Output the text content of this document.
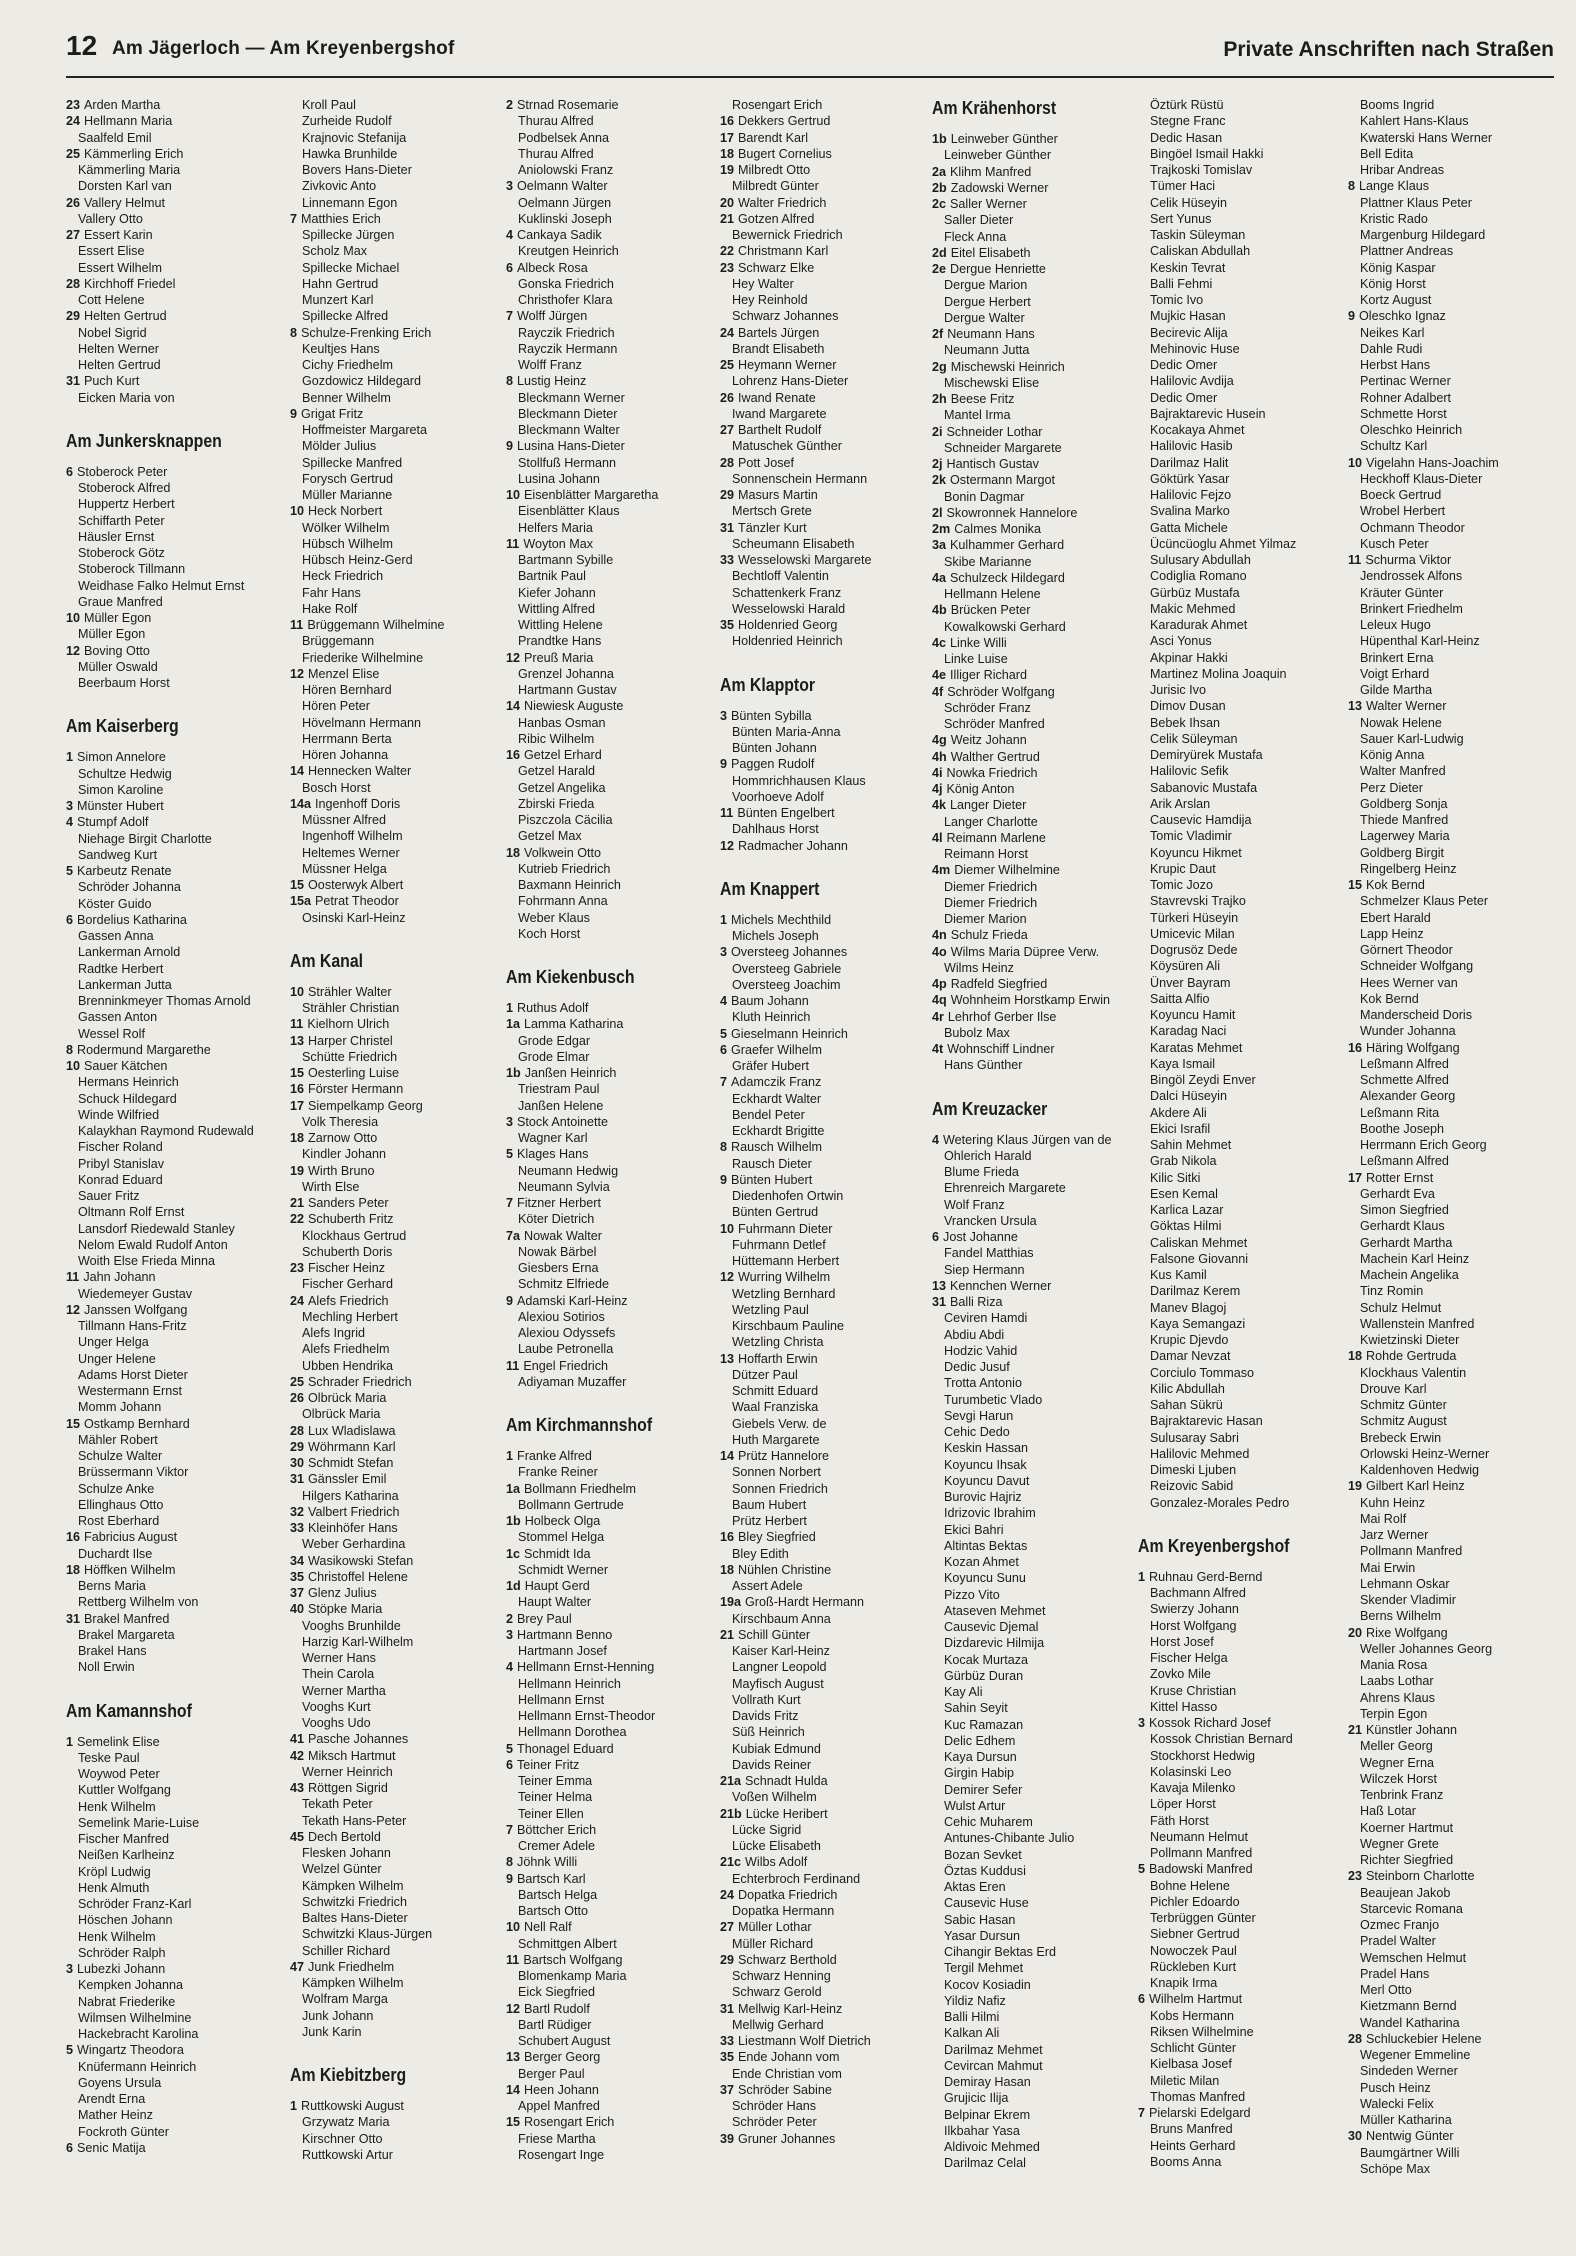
12 Am Jägerloch — Am Kreyenbergshof	Private Anschriften nach Straßen
23 Arden Martha
24 Hellmann Maria
Saalfeld Emil
25 Kämmerling Erich
Kämmerling Maria
Dorsten Karl van
26 Vallery Helmut
Vallery Otto
27 Essert Karin
Essert Elise
Essert Wilhelm
28 Kirchhoff Friedel
Cott Helene
29 Helten Gertrud
Nobel Sigrid
Helten Werner
Helten Gertrud
31 Puch Kurt
Eicken Maria von
Am Junkersknappen
6 Stoberock Peter
Stoberock Alfred
Huppertz Herbert
Schiffarth Peter
Häusler Ernst
Stoberock Götz
Stoberock Tillmann
Weidhase Falko Helmut Ernst
Graue Manfred
10 Müller Egon
Müller Egon
12 Boving Otto
Müller Oswald
Beerbaum Horst
Am Kaiserberg
1 Simon Annelore
Schultze Hedwig
Simon Karoline
3 Münster Hubert
4 Stumpf Adolf
Niehage Birgit Charlotte
Sandweg Kurt
5 Karbeutz Renate
Schröder Johanna
Köster Guido
6 Bordelius Katharina
Gassen Anna
Lankerman Arnold
Radtke Herbert
Lankerman Jutta
Brenninkmeyer Thomas Arnold
Gassen Anton
Wessel Rolf
8 Rodermund Margarethe
10 Sauer Kätchen
Hermans Heinrich
Schuck Hildegard
Winde Wilfried
Kalaykhan Raymond Rudewald
Fischer Roland
Pribyl Stanislav
Konrad Eduard
Sauer Fritz
Oltmann Rolf Ernst
Lansdorf Riedewald Stanley
Nelom Ewald Rudolf Anton
Woith Else Frieda Minna
11 Jahn Johann
Wiedemeyer Gustav
12 Janssen Wolfgang
Tillmann Hans-Fritz
Unger Helga
Unger Helene
Adams Horst Dieter
Westermann Ernst
Momm Johann
15 Ostkamp Bernhard
Mähler Robert
Schulze Walter
Brüssermann Viktor
Schulze Anke
Ellinghaus Otto
Rost Eberhard
16 Fabricius August
Duchardt Ilse
18 Höffken Wilhelm
Berns Maria
Rettberg Wilhelm von
31 Brakel Manfred
Brakel Margareta
Brakel Hans
Noll Erwin
Am Kamannshof
1 Semelink Elise
Teske Paul
Woywod Peter
Kuttler Wolfgang
Henk Wilhelm
Semelink Marie-Luise
Fischer Manfred
Neißen Karlheinz
Kröpl Ludwig
Henk Almuth
Schröder Franz-Karl
Höschen Johann
Henk Wilhelm
Schröder Ralph
3 Lubezki Johann
Kempken Johanna
Nabrat Friederike
Wilmsen Wilhelmine
Hackebracht Karolina
5 Wingartz Theodora
Knüfermann Heinrich
Goyens Ursula
Arendt Erna
Mather Heinz
Fockroth Günter
6 Senic Matija
Kroll Paul
Zurheide Rudolf
Krajnovic Stefanija
Hawka Brunhilde
Bovers Hans-Dieter
Zivkovic Anto
Linnemann Egon
7 Matthies Erich
Spillecke Jürgen
Scholz Max
Spillecke Michael
Hahn Gertrud
Munzert Karl
Spillecke Alfred
8 Schulze-Frenking Erich
Keultjes Hans
Cichy Friedhelm
Gozdowicz Hildegard
Benner Wilhelm
9 Grigat Fritz
Hoffmeister Margareta
Mölder Julius
Spillecke Manfred
Forysch Gertrud
Müller Marianne
10 Heck Norbert
Wölker Wilhelm
Hübsch Wilhelm
Hübsch Heinz-Gerd
Heck Friedrich
Fahr Hans
Hake Rolf
11 Brüggemann Wilhelmine
Brüggemann
Friederike Wilhelmine
12 Menzel Elise
Hören Bernhard
Hören Peter
Hövelmann Hermann
Herrmann Berta
Hören Johanna
14 Hennecken Walter
Bosch Horst
14a Ingenhoff Doris
Müssner Alfred
Ingenhoff Wilhelm
Heltemes Werner
Müssner Helga
15 Oosterwyk Albert
15a Petrat Theodor
Osinski Karl-Heinz
Am Kanal
10 Strähler Walter
Strähler Christian
11 Kielhorn Ulrich
13 Harper Christel
Schütte Friedrich
15 Oesterling Luise
16 Förster Hermann
17 Siempelkamp Georg
Volk Theresia
18 Zarnow Otto
Kindler Johann
19 Wirth Bruno
Wirth Else
21 Sanders Peter
22 Schuberth Fritz
Klockhaus Gertrud
Schuberth Doris
23 Fischer Heinz
Fischer Gerhard
24 Alefs Friedrich
Mechling Herbert
Alefs Ingrid
Alefs Friedhelm
Ubben Hendrika
25 Schrader Friedrich
26 Olbrück Maria
Olbrück Maria
28 Lux Wladislawa
29 Wöhrmann Karl
30 Schmidt Stefan
31 Gänssler Emil
Hilgers Katharina
32 Valbert Friedrich
33 Kleinhöfer Hans
Weber Gerhardina
34 Wasikowski Stefan
35 Christoffel Helene
37 Glenz Julius
40 Stöpke Maria
Vooghs Brunhilde
Harzig Karl-Wilhelm
Werner Hans
Thein Carola
Werner Martha
Vooghs Kurt
Vooghs Udo
41 Pasche Johannes
42 Miksch Hartmut
Werner Heinrich
43 Röttgen Sigrid
Tekath Peter
Tekath Hans-Peter
45 Dech Bertold
Flesken Johann
Welzel Günter
Kämpken Wilhelm
Schwitzki Friedrich
Baltes Hans-Dieter
Schwitzki Klaus-Jürgen
Schiller Richard
47 Junk Friedhelm
Kämpken Wilhelm
Wolfram Marga
Junk Johann
Junk Karin
Am Kiebitzberg
1 Ruttkowski August
Grzywatz Maria
Kirschner Otto
Ruttkowski Artur
2 Strnad Rosemarie
Thurau Alfred
Podbelsek Anna
Thurau Alfred
Aniolowski Franz
3 Oelmann Walter
Oelmann Jürgen
Kuklinski Joseph
4 Cankaya Sadik
Kreutgen Heinrich
6 Albeck Rosa
Gonska Friedrich
Christhofer Klara
7 Wolff Jürgen
Rayczik Friedrich
Rayczik Hermann
Wolff Franz
8 Lustig Heinz
Bleckmann Werner
Bleckmann Dieter
Bleckmann Walter
9 Lusina Hans-Dieter
Stollfuß Hermann
Lusina Johann
10 Eisenblätter Margaretha
Eisenblätter Klaus
Helfers Maria
11 Woyton Max
Bartmann Sybille
Bartnik Paul
Kiefer Johann
Wittling Alfred
Wittling Helene
Prandtke Hans
12 Preuß Maria
Grenzel Johanna
Hartmann Gustav
14 Niewiesk Auguste
Hanbas Osman
Ribic Wilhelm
16 Getzel Erhard
Getzel Harald
Getzel Angelika
Zbirski Frieda
Piszczola Cäcilia
Getzel Max
18 Volkwein Otto
Kutrieb Friedrich
Baxmann Heinrich
Fohrmann Anna
Weber Klaus
Koch Horst
Am Kiekenbusch
1 Ruthus Adolf
1a Lamma Katharina
Grode Edgar
Grode Elmar
1b Janßen Heinrich
Triestram Paul
Janßen Helene
3 Stock Antoinette
Wagner Karl
5 Klages Hans
Neumann Hedwig
Neumann Sylvia
7 Fitzner Herbert
Köter Dietrich
7a Nowak Walter
Nowak Bärbel
Giesbers Erna
Schmitz Elfriede
9 Adamski Karl-Heinz
Alexiou Sotirios
Alexiou Odyssefs
Laube Petronella
11 Engel Friedrich
Adiyaman Muzaffer
Am Kirchmannshof
1 Franke Alfred
Franke Reiner
1a Bollmann Friedhelm
Bollmann Gertrude
1b Holbeck Olga
Stommel Helga
1c Schmidt Ida
Schmidt Werner
1d Haupt Gerd
Haupt Walter
2 Brey Paul
3 Hartmann Benno
Hartmann Josef
4 Hellmann Ernst-Henning
Hellmann Heinrich
Hellmann Ernst
Hellmann Ernst-Theodor
Hellmann Dorothea
5 Thonagel Eduard
6 Teiner Fritz
Teiner Emma
Teiner Helma
Teiner Ellen
7 Böttcher Erich
Cremer Adele
8 Jöhnk Willi
9 Bartsch Karl
Bartsch Helga
Bartsch Otto
10 Nell Ralf
Schmittgen Albert
11 Bartsch Wolfgang
Blomenkamp Maria
Eick Siegfried
12 Bartl Rudolf
Bartl Rüdiger
Schubert August
13 Berger Georg
Berger Paul
14 Heen Johann
Appel Manfred
15 Rosengart Erich
Friese Martha
Rosengart Inge
Rosengart Erich
16 Dekkers Gertrud
17 Barendt Karl
18 Bugert Cornelius
19 Milbredt Otto
Milbredt Günter
20 Walter Friedrich
21 Gotzen Alfred
Bewernick Friedrich
22 Christmann Karl
23 Schwarz Elke
Hey Walter
Hey Reinhold
Schwarz Johannes
24 Bartels Jürgen
Brandt Elisabeth
25 Heymann Werner
Lohrenz Hans-Dieter
26 Iwand Renate
Iwand Margarete
27 Barthelt Rudolf
Matuschek Günther
28 Pott Josef
Sonnenschein Hermann
29 Masurs Martin
Mertsch Grete
31 Tänzler Kurt
Scheumann Elisabeth
33 Wesselowski Margarete
Bechtloff Valentin
Schattenkerk Franz
Wesselowski Harald
35 Holdenried Georg
Holdenried Heinrich
Am Klapptor
3 Bünten Sybilla
Bünten Maria-Anna
Bünten Johann
9 Paggen Rudolf
Hommrichhausen Klaus
Voorhoeve Adolf
11 Bünten Engelbert
Dahlhaus Horst
12 Radmacher Johann
Am Knappert
1 Michels Mechthild
Michels Joseph
3 Oversteeg Johannes
Oversteeg Gabriele
Oversteeg Joachim
4 Baum Johann
Kluth Heinrich
5 Gieselmann Heinrich
6 Graefer Wilhelm
Gräfer Hubert
7 Adamczik Franz
Eckhardt Walter
Bendel Peter
Eckhardt Brigitte
8 Rausch Wilhelm
Rausch Dieter
9 Bünten Hubert
Diedenhofen Ortwin
Bünten Gertrud
10 Fuhrmann Dieter
Fuhrmann Detlef
Hüttemann Herbert
12 Wurring Wilhelm
Wetzling Bernhard
Wetzling Paul
Kirschbaum Pauline
Wetzling Christa
13 Hoffarth Erwin
Dützer Paul
Schmitt Eduard
Waal Franziska
Giebels Verw. de
Huth Margarete
14 Prütz Hannelore
Sonnen Norbert
Sonnen Friedrich
Baum Hubert
Prütz Herbert
16 Bley Siegfried
Bley Edith
18 Nühlen Christine
Assert Adele
19a Groß-Hardt Hermann
Kirschbaum Anna
21 Schill Günter
Kaiser Karl-Heinz
Langner Leopold
Mayfisch August
Vollrath Kurt
Davids Fritz
Süß Heinrich
Kubiak Edmund
Davids Reiner
21a Schnadt Hulda
Voßen Wilhelm
21b Lücke Heribert
Lücke Sigrid
Lücke Elisabeth
21c Wilbs Adolf
Echterbroch Ferdinand
24 Dopatka Friedrich
Dopatka Hermann
27 Müller Lothar
Müller Richard
29 Schwarz Berthold
Schwarz Henning
Schwarz Gerold
31 Mellwig Karl-Heinz
Mellwig Gerhard
33 Liestmann Wolf Dietrich
35 Ende Johann vom
Ende Christian vom
37 Schröder Sabine
Schröder Hans
Schröder Peter
39 Gruner Johannes
Am Krähenhorst
1b Leinweber Günther
Leinweber Günther
2a Klihm Manfred
2b Zadowski Werner
2c Saller Werner
Saller Dieter
Fleck Anna
2d Eitel Elisabeth
2e Dergue Henriette
Dergue Marion
Dergue Herbert
Dergue Walter
2f Neumann Hans
Neumann Jutta
2g Mischewski Heinrich
Mischewski Elise
2h Beese Fritz
Mantel Irma
2i Schneider Lothar
Schneider Margarete
2j Hantisch Gustav
2k Ostermann Margot
Bonin Dagmar
2l Skowronnek Hannelore
2m Calmes Monika
3a Kulhammer Gerhard
Skibe Marianne
4a Schulzeck Hildegard
Hellmann Helene
4b Brücken Peter
Kowalkowski Gerhard
4c Linke Willi
Linke Luise
4e Illiger Richard
4f Schröder Wolfgang
Schröder Franz
Schröder Manfred
4g Weitz Johann
4h Walther Gertrud
4i Nowka Friedrich
4j König Anton
4k Langer Dieter
Langer Charlotte
4l Reimann Marlene
Reimann Horst
4m Diemer Wilhelmine
Diemer Friedrich
Diemer Friedrich
Diemer Marion
4n Schulz Frieda
4o Wilms Maria Düpree Verw.
Wilms Heinz
4p Radfeld Siegfried
4q Wohnheim Horstkamp Erwin
4r Lehrhof Gerber Ilse
Bubolz Max
4t Wohnschiff Lindner
Hans Günther
Am Kreuzacker
4 Wetering Klaus Jürgen van de
Ohlerich Harald
Blume Frieda
Ehrenreich Margarete
Wolf Franz
Vrancken Ursula
6 Jost Johanne
Fandel Matthias
Siep Hermann
13 Kennchen Werner
31 Balli Riza
Ceviren Hamdi
Abdiu Abdi
Hodzic Vahid
Dedic Jusuf
Trotta Antonio
Turumbetic Vlado
Sevgi Harun
Cehic Dedo
Keskin Hassan
Koyuncu Ihsak
Koyuncu Davut
Burovic Hajriz
Idrizovic Ibrahim
Ekici Bahri
Altintas Bektas
Kozan Ahmet
Koyuncu Sunu
Pizzo Vito
Ataseven Mehmet
Causevic Djemal
Dizdarevic Hilmija
Kocak Murtaza
Gürbüz Duran
Kay Ali
Sahin Seyit
Kuc Ramazan
Delic Edhem
Kaya Dursun
Girgin Habip
Demirer Sefer
Wulst Artur
Cehic Muharem
Antunes-Chibante Julio
Bozan Sevket
Öztas Kuddusi
Aktas Eren
Causevic Huse
Sabic Hasan
Yasar Dursun
Cihangir Bektas Erd
Tergil Mehmet
Kocov Kosiadin
Yildiz Nafiz
Balli Hilmi
Kalkan Ali
Darilmaz Mehmet
Cevircan Mahmut
Demiray Hasan
Grujicic Ilija
Belpinar Ekrem
Ilkbahar Yasa
Aldivoic Mehmed
Darilmaz Celal
Öztürk Rüstü
Stegne Franc
Dedic Hasan
Bingöel Ismail Hakki
Trajkoski Tomislav
Tümer Haci
Celik Hüseyin
Sert Yunus
Taskin Süleyman
Caliskan Abdullah
Keskin Tevrat
Balli Fehmi
Tomic Ivo
Mujkic Hasan
Becirevic Alija
Mehinovic Huse
Dedic Omer
Halilovic Avdija
Dedic Omer
Bajraktarevic Husein
Kocakaya Ahmet
Halilovic Hasib
Darilmaz Halit
Göktürk Yasar
Halilovic Fejzo
Svalina Marko
Gatta Michele
Ücüncüoglu Ahmet Yilmaz
Sulusary Abdullah
Codiglia Romano
Gürbüz Mustafa
Makic Mehmed
Karadurak Ahmet
Asci Yonus
Akpinar Hakki
Martinez Molina Joaquin
Jurisic Ivo
Dimov Dusan
Bebek Ihsan
Celik Süleyman
Demiryürek Mustafa
Halilovic Sefik
Sabanovic Mustafa
Arik Arslan
Causevic Hamdija
Tomic Vladimir
Koyuncu Hikmet
Krupic Daut
Tomic Jozo
Stavrevski Trajko
Türkeri Hüseyin
Umicevic Milan
Dogrusöz Dede
Köysüren Ali
Ünver Bayram
Saitta Alfio
Koyuncu Hamit
Karadag Naci
Karatas Mehmet
Kaya Ismail
Bingöl Zeydi Enver
Dalci Hüseyin
Akdere Ali
Ekici Israfil
Sahin Mehmet
Grab Nikola
Kilic Sitki
Esen Kemal
Karlica Lazar
Göktas Hilmi
Caliskan Mehmet
Falsone Giovanni
Kus Kamil
Darilmaz Kerem
Manev Blagoj
Kaya Semangazi
Krupic Djevdo
Damar Nevzat
Corciulo Tommaso
Kilic Abdullah
Sahan Sükrü
Bajraktarevic Hasan
Sulusaray Sabri
Halilovic Mehmed
Dimeski Ljuben
Reizovic Sabid
Gonzalez-Morales Pedro
Am Kreyenbergshof
1 Ruhnau Gerd-Bernd
Bachmann Alfred
Swierzy Johann
Horst Wolfgang
Horst Josef
Fischer Helga
Zovko Mile
Kruse Christian
Kittel Hasso
3 Kossok Richard Josef
Kossok Christian Bernard
Stockhorst Hedwig
Kolasinski Leo
Kavaja Milenko
Löper Horst
Fäth Horst
Neumann Helmut
Pollmann Manfred
5 Badowski Manfred
Bohne Helene
Pichler Edoardo
Terbrüggen Günter
Siebner Gertrud
Nowoczek Paul
Rückleben Kurt
Knapik Irma
6 Wilhelm Hartmut
Kobs Hermann
Riksen Wilhelmine
Schlicht Günter
Kielbasa Josef
Miletic Milan
Thomas Manfred
7 Pielarski Edelgard
Bruns Manfred
Heints Gerhard
Booms Anna
Booms Ingrid
Kahlert Hans-Klaus
Kwaterski Hans Werner
Bell Edita
Hribar Andreas
8 Lange Klaus
Plattner Klaus Peter
Kristic Rado
Margenburg Hildegard
Plattner Andreas
König Kaspar
König Horst
Kortz August
9 Oleschko Ignaz
Neikes Karl
Dahle Rudi
Herbst Hans
Pertinac Werner
Rohner Adalbert
Schmette Horst
Oleschko Heinrich
Schultz Karl
10 Vigelahn Hans-Joachim
Heckhoff Klaus-Dieter
Boeck Gertrud
Wrobel Herbert
Ochmann Theodor
Kusch Peter
11 Schurma Viktor
Jendrossek Alfons
Kräuter Günter
Brinkert Friedhelm
Leleux Hugo
Hüpenthal Karl-Heinz
Brinkert Erna
Voigt Erhard
Gilde Martha
13 Walter Werner
Nowak Helene
Sauer Karl-Ludwig
König Anna
Walter Manfred
Perz Dieter
Goldberg Sonja
Thiede Manfred
Lagerwey Maria
Goldberg Birgit
Ringelberg Heinz
15 Kok Bernd
Schmelzer Klaus Peter
Ebert Harald
Lapp Heinz
Görnert Theodor
Schneider Wolfgang
Hees Werner van
Kok Bernd
Manderscheid Doris
Wunder Johanna
16 Häring Wolfgang
Leßmann Alfred
Schmette Alfred
Alexander Georg
Leßmann Rita
Boothe Joseph
Herrmann Erich Georg
Leßmann Alfred
17 Rotter Ernst
Gerhardt Eva
Simon Siegfried
Gerhardt Klaus
Gerhardt Martha
Machein Karl Heinz
Machein Angelika
Tinz Romin
Schulz Helmut
Wallenstein Manfred
Kwietzinski Dieter
18 Rohde Gertruda
Klockhaus Valentin
Drouve Karl
Schmitz Günter
Schmitz August
Brebeck Erwin
Orlowski Heinz-Werner
Kaldenhoven Hedwig
19 Gilbert Karl Heinz
Kuhn Heinz
Mai Rolf
Jarz Werner
Pollmann Manfred
Mai Erwin
Lehmann Oskar
Skender Vladimir
Berns Wilhelm
20 Rixe Wolfgang
Weller Johannes Georg
Mania Rosa
Laabs Lothar
Ahrens Klaus
Terpin Egon
21 Künstler Johann
Meller Georg
Wegner Erna
Wilczek Horst
Tenbrink Franz
Haß Lotar
Koerner Hartmut
Wegner Grete
Richter Siegfried
23 Steinborn Charlotte
Beaujean Jakob
Starcevic Romana
Ozmec Franjo
Pradel Walter
Wemschen Helmut
Pradel Hans
Merl Otto
Kietzmann Bernd
Wandel Katharina
28 Schluckebier Helene
Wegener Emmeline
Sindeden Werner
Pusch Heinz
Walecki Felix
Müller Katharina
30 Nentwig Günter
Baumgärtner Willi
Schöpe Max
